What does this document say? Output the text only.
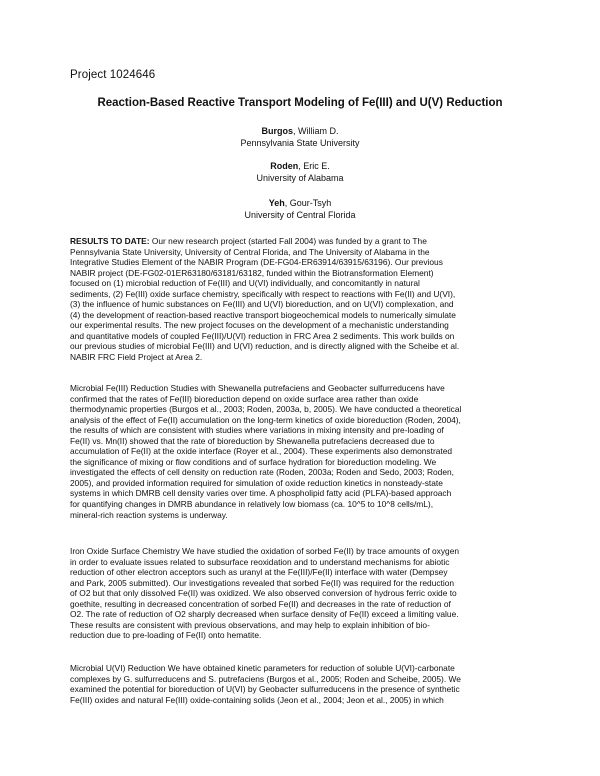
Project 1024646
Reaction-Based Reactive Transport Modeling of Fe(III) and U(V) Reduction
Burgos, William D.
Pennsylvania State University
Roden, Eric E.
University of Alabama
Yeh, Gour-Tsyh
University of Central Florida
RESULTS TO DATE: Our new research project (started Fall 2004) was funded by a grant to The
Pennsylvania State University, University of Central Florida, and The University of Alabama in the
Integrative Studies Element of the NABIR Program (DE-FG04-ER63914/63915/63196). Our previous
NABIR project (DE-FG02-01ER63180/63181/63182, funded within the Biotransformation Element)
focused on (1) microbial reduction of Fe(III) and U(VI) individually, and concomitantly in natural
sediments, (2) Fe(III) oxide surface chemistry, specifically with respect to reactions with Fe(II) and U(VI),
(3) the influence of humic substances on Fe(III) and U(VI) bioreduction, and on U(VI) complexation, and
(4) the development of reaction-based reactive transport biogeochemical models to numerically simulate
our experimental results. The new project focuses on the development of a mechanistic understanding
and quantitative models of coupled Fe(III)/U(VI) reduction in FRC Area 2 sediments. This work builds on
our previous studies of microbial Fe(III) and U(VI) reduction, and is directly aligned with the Scheibe et al.
NABIR FRC Field Project at Area 2.
Microbial Fe(III) Reduction Studies with Shewanella putrefaciens and Geobacter sulfurreducens have
confirmed that the rates of Fe(III) bioreduction depend on oxide surface area rather than oxide
thermodynamic properties (Burgos et al., 2003; Roden, 2003a, b, 2005). We have conducted a theoretical
analysis of the effect of Fe(II) accumulation on the long-term kinetics of oxide bioreduction (Roden, 2004),
the results of which are consistent with studies where variations in mixing intensity and pre-loading of
Fe(II) vs. Mn(II) showed that the rate of bioreduction by Shewanella putrefaciens decreased due to
accumulation of Fe(II) at the oxide interface (Royer et al., 2004). These experiments also demonstrated
the significance of mixing or flow conditions and of surface hydration for bioreduction modeling. We
investigated the effects of cell density on reduction rate (Roden, 2003a; Roden and Sedo, 2003; Roden,
2005), and provided information required for simulation of oxide reduction kinetics in nonsteady-state
systems in which DMRB cell density varies over time. A phospholipid fatty acid (PLFA)-based approach
for quantifying changes in DMRB abundance in relatively low biomass (ca. 10^5 to 10^8 cells/mL),
mineral-rich reaction systems is underway.
Iron Oxide Surface Chemistry We have studied the oxidation of sorbed Fe(II) by trace amounts of oxygen
in order to evaluate issues related to subsurface reoxidation and to understand mechanisms for abiotic
reduction of other electron acceptors such as uranyl at the Fe(III)/Fe(II) interface with water (Dempsey
and Park, 2005 submitted). Our investigations revealed that sorbed Fe(II) was required for the reduction
of O2 but that only dissolved Fe(II) was oxidized. We also observed conversion of hydrous ferric oxide to
goethite, resulting in decreased concentration of sorbed Fe(II) and decreases in the rate of reduction of
O2. The rate of reduction of O2 sharply decreased when surface density of Fe(II) exceed a limiting value.
These results are consistent with previous observations, and may help to explain inhibition of bio-
reduction due to pre-loading of Fe(II) onto hematite.
Microbial U(VI) Reduction We have obtained kinetic parameters for reduction of soluble U(VI)-carbonate
complexes by G. sulfurreducens and S. putrefaciens (Burgos et al., 2005; Roden and Scheibe, 2005). We
examined the potential for bioreduction of U(VI) by Geobacter sulfurreducens in the presence of synthetic
Fe(III) oxides and natural Fe(III) oxide-containing solids (Jeon et al., 2004; Jeon et al., 2005) in which
